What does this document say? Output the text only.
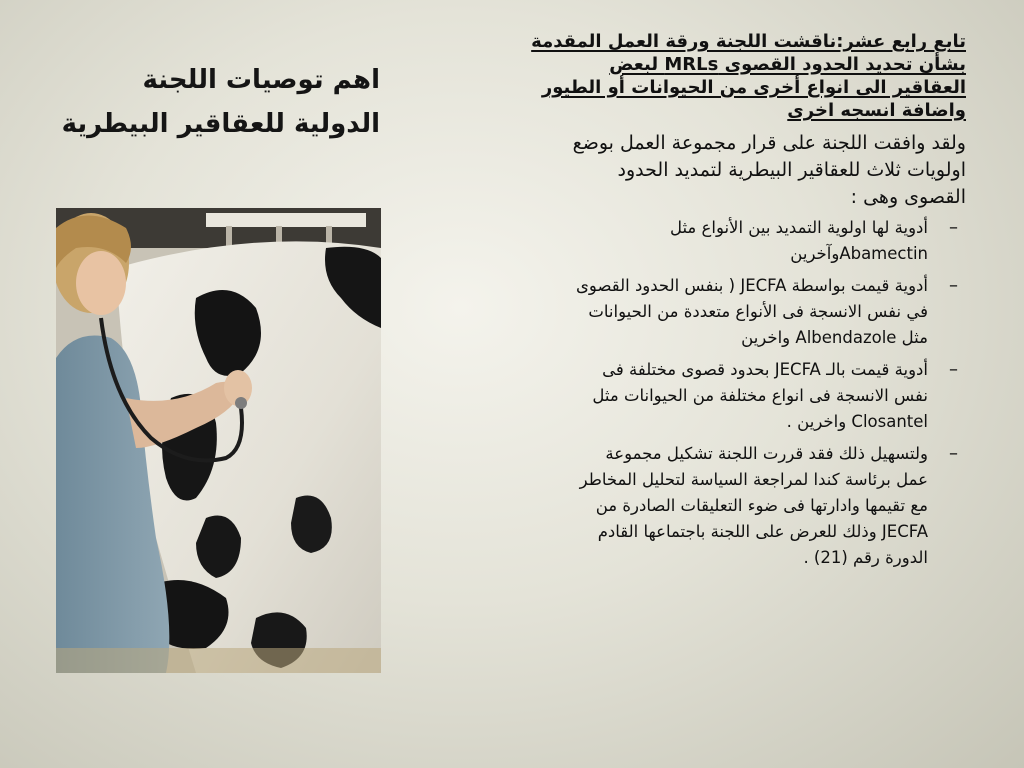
اهم توصيات اللجنة
الدولية للعقاقير البيطرية
تابع رابع عشر:ناقشت اللجنة ورقة العمل المقدمة
بشأن تحديد الحدود القصوى MRLs لبعض
العقاقير الى انواع أخرى من الحيوانات أو الطيور
واضافة انسجه اخرى
ولقد وافقت اللجنة على قرار مجموعة العمل بوضع
اولويات ثلاث للعقاقير البيطرية لتمديد الحدود
القصوى وهى :
–
أدوية لها اولوية التمديد بين الأنواع مثل
Abamectinوآخرين
–
أدوية قيمت بواسطة JECFA ( بنفس الحدود القصوى
في نفس الانسجة فى الأنواع متعددة من الحيوانات
مثل Albendazole واخرين
–
أدوية قيمت بالـ JECFA بحدود قصوى مختلفة فى
نفس الانسجة فى انواع مختلفة من الحيوانات مثل
Closantel واخرين .
–
ولتسهيل ذلك فقد قررت اللجنة تشكيل مجموعة
عمل برئاسة كندا لمراجعة السياسة لتحليل المخاطر
مع تقيمها وادارتها فى ضوء التعليقات الصادرة من
JECFA وذلك للعرض على اللجنة باجتماعها القادم
الدورة رقم (21) .
